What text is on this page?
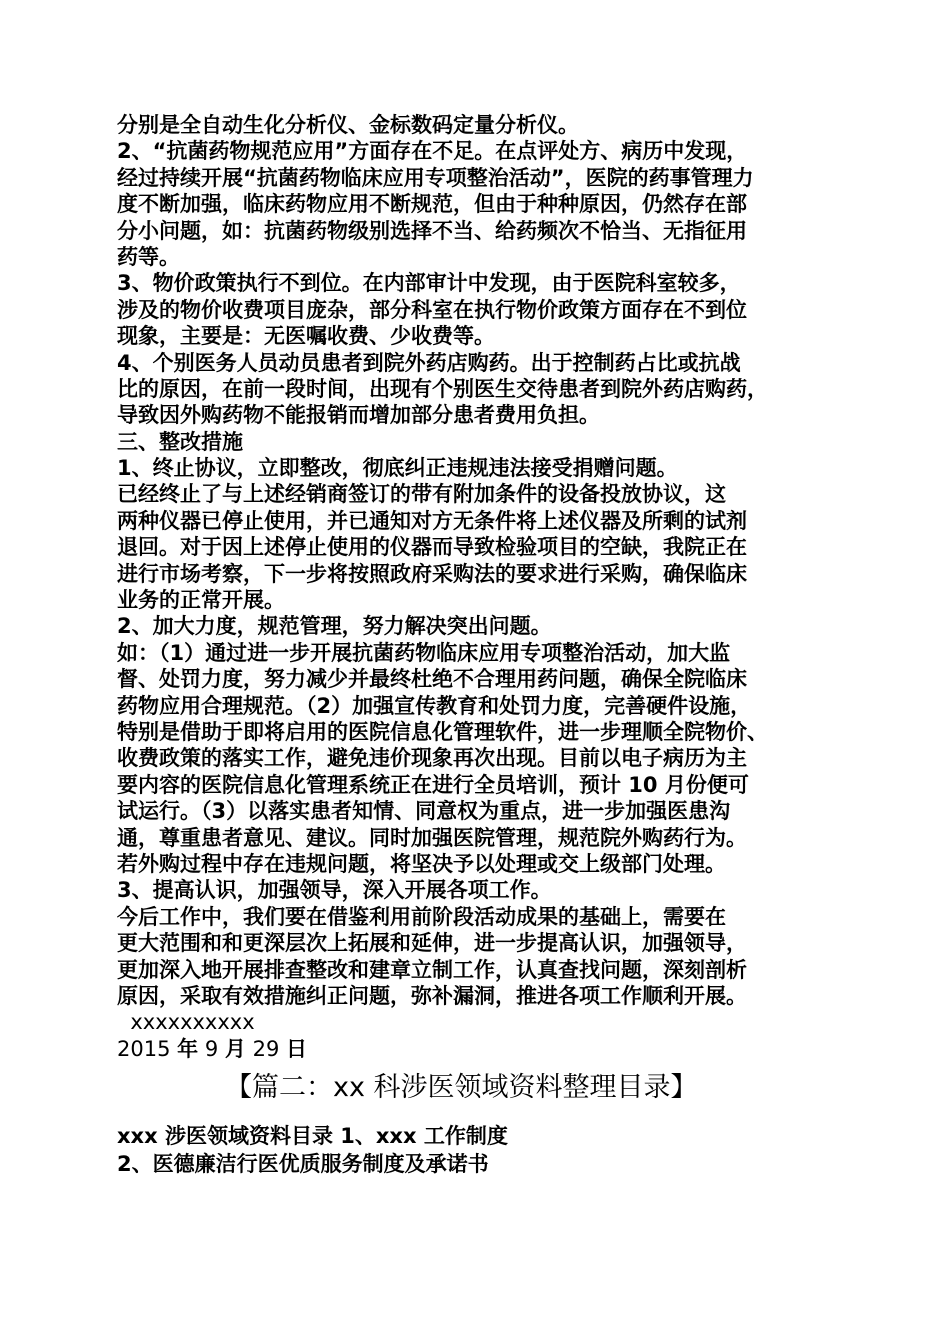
分别是全自动生化分析仪、金标数码定量分析仪。
2、“抗菌药物规范应用”方面存在不足。在点评处方、病历中发现，
经过持续开展“抗菌药物临床应用专项整治活动”，医院的药事管理力
度不断加强，临床药物应用不断规范，但由于种种原因，仍然存在部
分小问题，如：抗菌药物级别选择不当、给药频次不恰当、无指征用
药等。
3、物价政策执行不到位。在内部审计中发现，由于医院科室较多，
涉及的物价收费项目庞杂，部分科室在执行物价政策方面存在不到位
现象，主要是：无医嘱收费、少收费等。
4、个别医务人员动员患者到院外药店购药。出于控制药占比或抗战
比的原因，在前一段时间，出现有个别医生交待患者到院外药店购药，
导致因外购药物不能报销而增加部分患者费用负担。
三、整改措施
1、终止协议，立即整改，彻底纠正违规违法接受捐赠问题。
已经终止了与上述经销商签订的带有附加条件的设备投放协议，这
两种仪器已停止使用，并已通知对方无条件将上述仪器及所剩的试剂
退回。对于因上述停止使用的仪器而导致检验项目的空缺，我院正在
进行市场考察，下一步将按照政府采购法的要求进行采购，确保临床
业务的正常开展。
2、加大力度，规范管理，努力解决突出问题。
如：（1）通过进一步开展抗菌药物临床应用专项整治活动，加大监
督、处罚力度，努力减少并最终杜绝不合理用药问题，确保全院临床
药物应用合理规范。（2）加强宣传教育和处罚力度，完善硬件设施，
特别是借助于即将启用的医院信息化管理软件，进一步理顺全院物价、
收费政策的落实工作，避免违价现象再次出现。目前以电子病历为主
要内容的医院信息化管理系统正在进行全员培训，预计 10 月份便可
试运行。（3）以落实患者知情、同意权为重点，进一步加强医患沟
通，尊重患者意见、建议。同时加强医院管理，规范院外购药行为。
若外购过程中存在违规问题，将坚决予以处理或交上级部门处理。
3、提高认识，加强领导，深入开展各项工作。
今后工作中，我们要在借鉴利用前阶段活动成果的基础上，需要在
更大范围和和更深层次上拓展和延伸，进一步提高认识，加强领导，
更加深入地开展排查整改和建章立制工作，认真查找问题，深刻剖析
原因，采取有效措施纠正问题，弥补漏洞，推进各项工作顺利开展。
xxxxxxxxxx
2015 年 9 月 29 日
【篇二：xx 科涉医领域资料整理目录】
xxx 涉医领域资料目录 1、xxx 工作制度
2、医德廉洁行医优质服务制度及承诺书
